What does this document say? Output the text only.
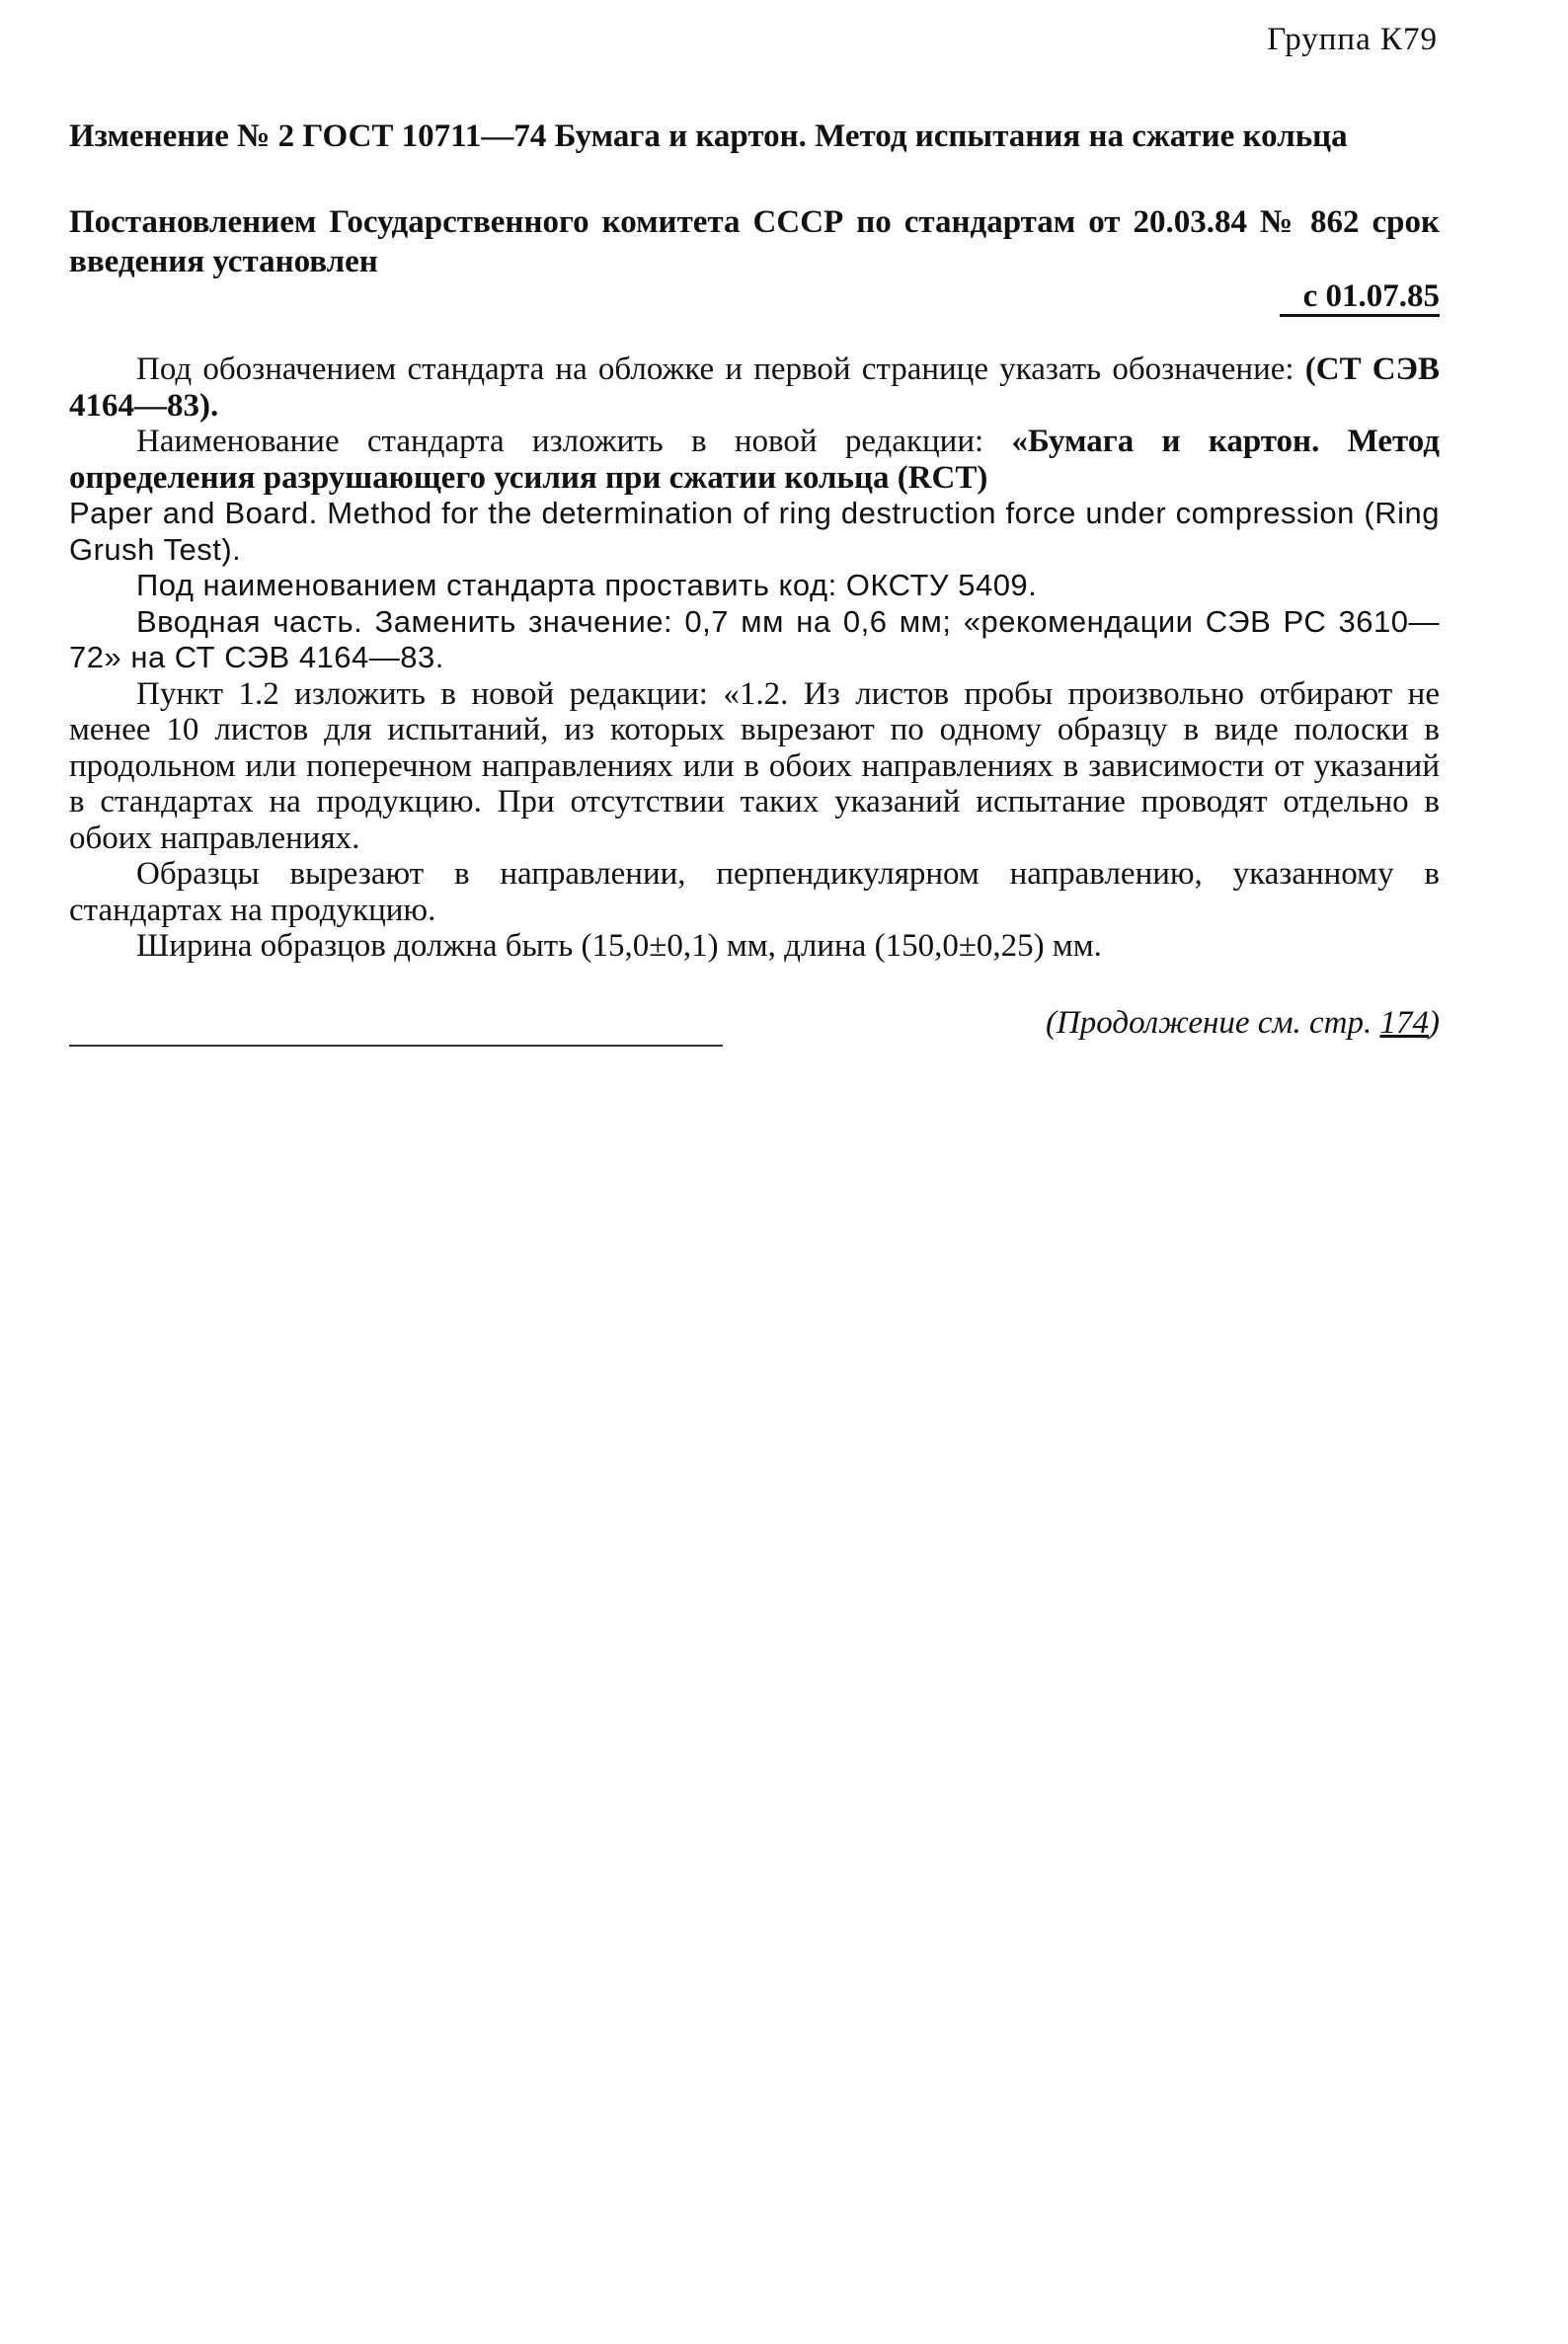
Группа К79
Изменение № 2 ГОСТ 10711—74 Бумага и картон. Метод испытания на сжатие кольца
Постановлением Государственного комитета СССР по стандартам от 20.03.84 № 862 срок введения установлен
с 01.07.85

Под обозначением стандарта на обложке и первой странице указать обозначение: (СТ СЭВ 4164—83).

Наименование стандарта изложить в новой редакции: «Бумага и картон. Метод определения разрушающего усилия при сжатии кольца (RCT)

Paper and Board. Method for the determination of ring destruction force under compression (Ring Grush Test).

Под наименованием стандарта проставить код: ОКСТУ 5409.

Вводная часть. Заменить значение: 0,7 мм на 0,6 мм; «рекомендации СЭВ РС 3610—72» на СТ СЭВ 4164—83.

Пункт 1.2 изложить в новой редакции: «1.2. Из листов пробы произвольно отбирают не менее 10 листов для испытаний, из которых вырезают по одному образцу в виде полоски в продольном или поперечном направлениях или в обоих направлениях в зависимости от указаний в стандартах на продукцию. При отсутствии таких указаний испытание проводят отдельно в обоих направлениях.

Образцы вырезают в направлении, перпендикулярном направлению, указанному в стандартах на продукцию.

Ширина образцов должна быть (15,0±0,1) мм, длина (150,0±0,25) мм.

(Продолжение см. стр. 174)
